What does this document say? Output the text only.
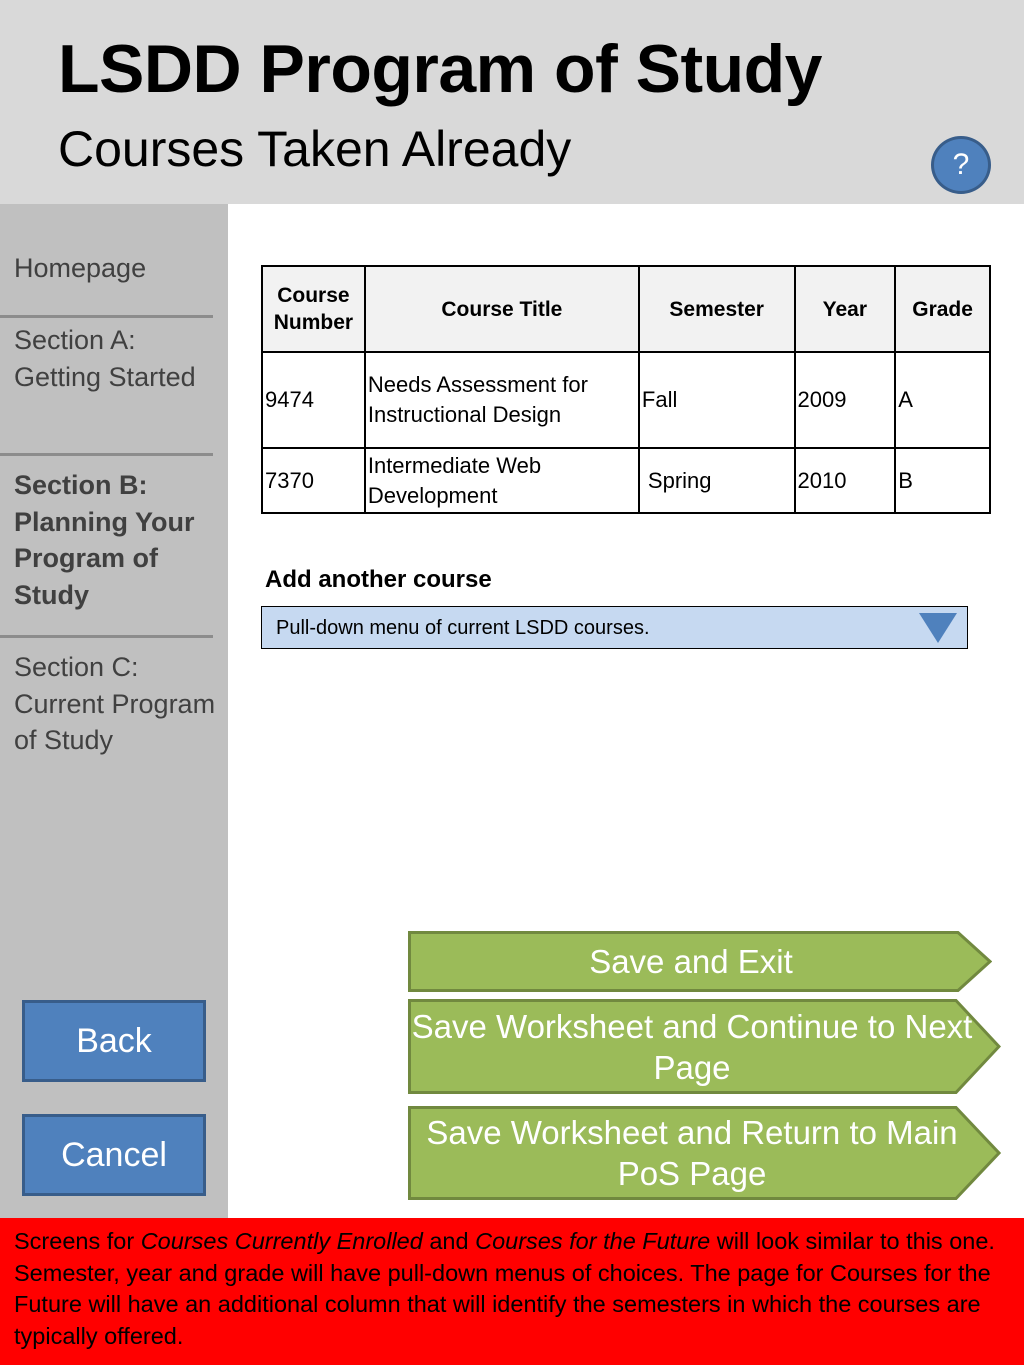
LSDD Program of Study
Courses Taken Already	?
Homepage
Section A: Getting Started
Section B: Planning Your Program of Study
Section C: Current Program of Study
Back
Cancel
Course Number	Course Title	Semester	Year	Grade
9474	Needs Assessment for Instructional Design	Fall	2009	A
7370	Intermediate Web Development	Spring	2010	B
Add another course
Pull-down menu of current LSDD courses.
Save and Exit
Save Worksheet and Continue to Next Page
Save Worksheet and Return to Main PoS Page
Screens for Courses Currently Enrolled and Courses for the Future will look similar to this one. Semester, year and grade will have pull-down menus of choices. The page for Courses for the Future will have an additional column that will identify the semesters in which the courses are typically offered.
